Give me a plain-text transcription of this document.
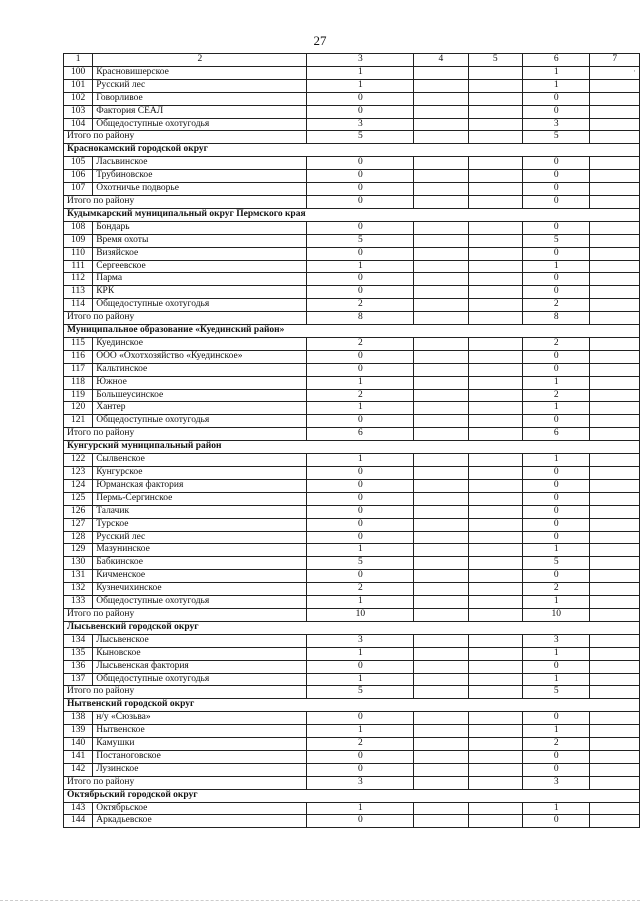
27
1	2	3	4	5	6	7
100	Красновишерское	1			1	
101	Русский лес	1			1	
102	Говорливое	0			0	
103	Фактория СЕАЛ	0			0	
104	Общедоступные охотугодья	3			3	
Итого по району		5			5	
Краснокамский городской округ						
105	Ласьвинское	0			0	
106	Трубиновское	0			0	
107	Охотничье подворье	0			0	
Итого по району		0			0	
Кудымкарский муниципальный округ Пермского края						
108	Бондарь	0			0	
109	Время охоты	5			5	
110	Визяйское	0			0	
111	Сергеевское	1			1	
112	Парма	0			0	
113	КРК	0			0	
114	Общедоступные охотугодья	2			2	
Итого по району		8			8	
Муниципальное образование «Куединский район»						
115	Куединское	2			2	
116	ООО «Охотхозяйство «Куединское»	0			0	
117	Кальтинское	0			0	
118	Южное	1			1	
119	Большеусинское	2			2	
120	Хантер	1			1	
121	Общедоступные охотугодья	0			0	
Итого по району		6			6	
Кунгурский муниципальный район						
122	Сылвенское	1			1	
123	Кунгурское	0			0	
124	Юрманская фактория	0			0	
125	Пермь-Сергинское	0			0	
126	Талачик	0			0	
127	Турское	0			0	
128	Русский лес	0			0	
129	Мазунинское	1			1	
130	Бабкинское	5			5	
131	Кичменское	0			0	
132	Кузнечихинское	2			2	
133	Общедоступные охотугодья	1			1	
Итого по району		10			10	
Лысьвенский городской округ						
134	Лысьвенское	3			3	
135	Кыновское	1			1	
136	Лысьвенская фактория	0			0	
137	Общедоступные охотугодья	1			1	
Итого по району		5			5	
Нытвенский городской округ						
138	н/у «Сюзьва»	0			0	
139	Нытвенское	1			1	
140	Камушки	2			2	
141	Постаноговское	0			0	
142	Лузинское	0			0	
Итого по району		3			3	
Октябрьский городской округ						
143	Октябрьское	1			1	
144	Аркадьевское	0			0	
·
